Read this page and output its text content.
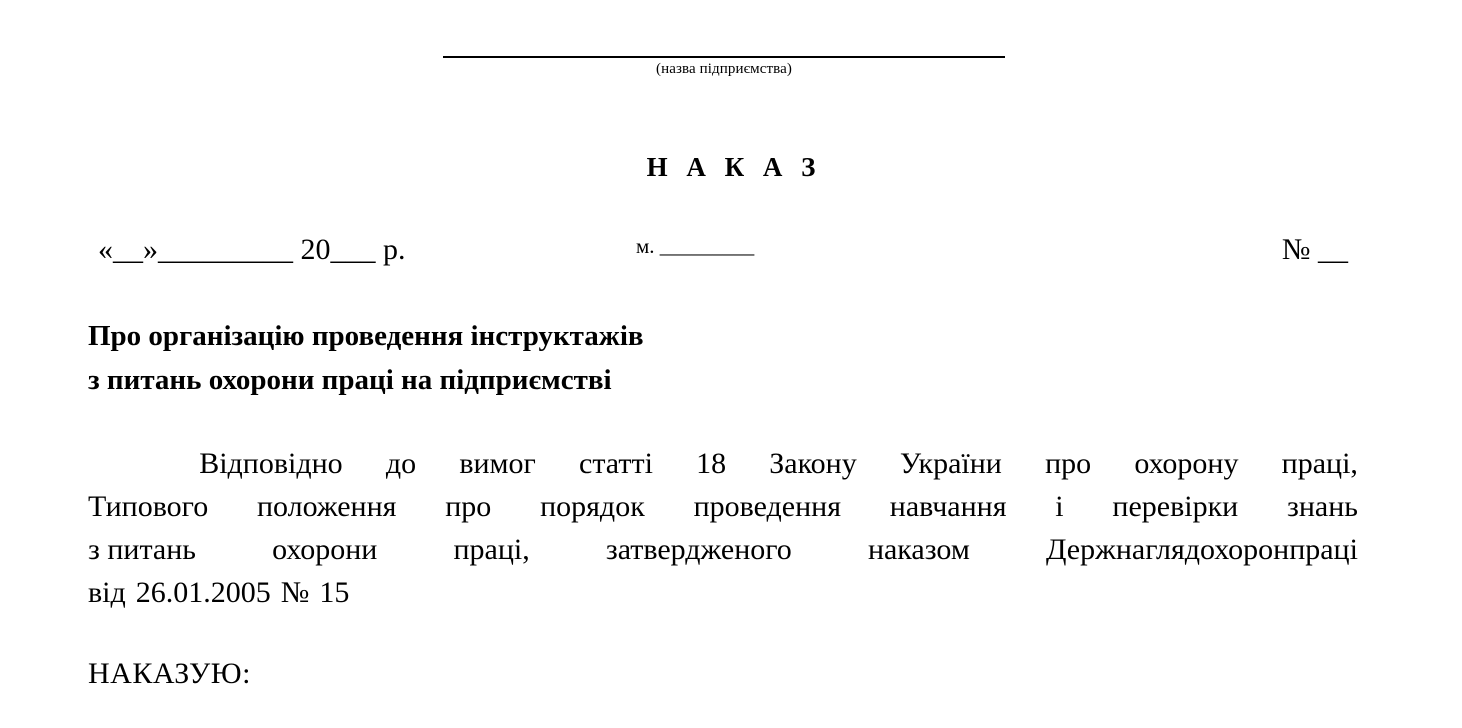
(назва підприємства)
Н А К А З
«__»_________ 20___ р.	м. _________	№ __
Про організацію проведення інструктажів
з питань охорони праці на підприємстві
Відповідно до вимог статті 18 Закону України про охорону праці,
Типового положення про порядок проведення навчання і перевірки знань
з питань	охорони	праці,	затвердженого	наказом	Держнаглядохоронпраці
від 26.01.2005 № 15
НАКАЗУЮ:
